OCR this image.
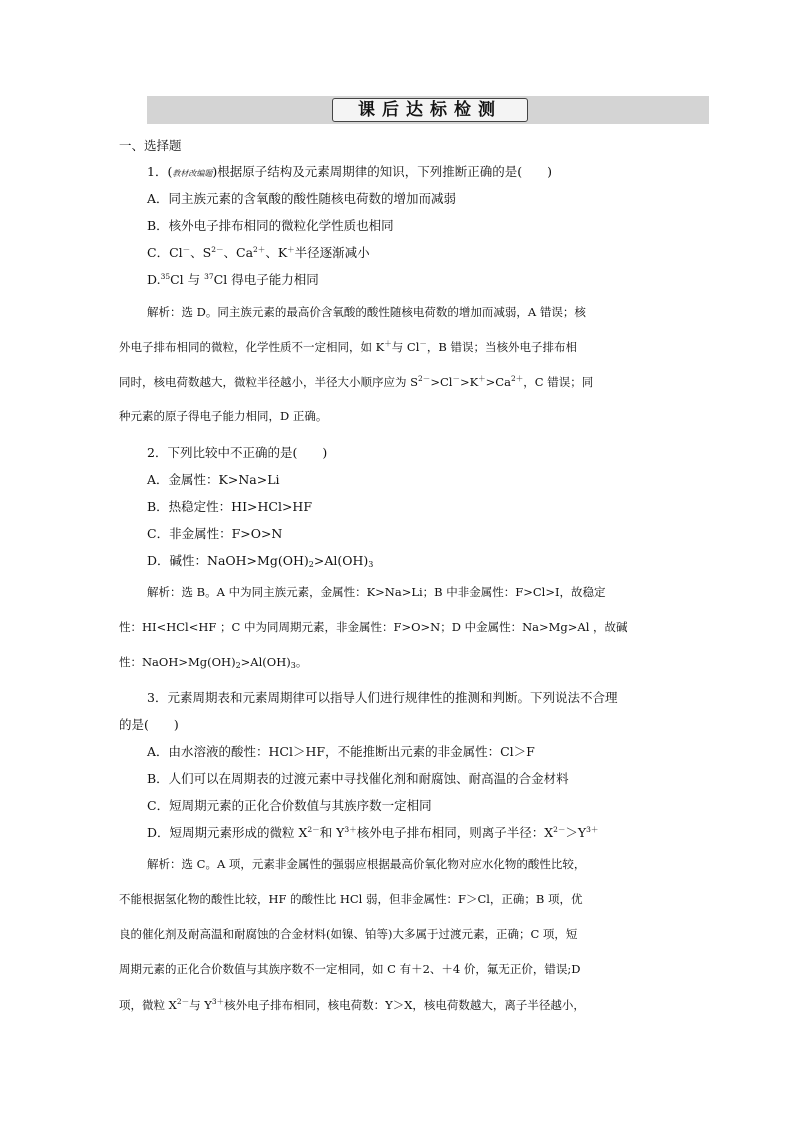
课后达标检测
一、选择题
1．(教材改编题)根据原子结构及元素周期律的知识，下列推断正确的是(　　)
A．同主族元素的含氧酸的酸性随核电荷数的增加而减弱
B．核外电子排布相同的微粒化学性质也相同
C．Cl－、$S^{2-}$、$Ca^{2+}$、K＋半径逐渐减小
D.$^{35}$Cl 与 $^{37}$Cl 得电子能力相同
解析：选 D。同主族元素的最高价含氧酸的酸性随核电荷数的增加而减弱，A 错误；核
外电子排布相同的微粒，化学性质不一定相同，如 K＋与 Cl－，B 错误；当核外电子排布相
同时，核电荷数越大，微粒半径越小，半径大小顺序应为 $S^{2-}>Cl^->K^+>Ca^{2+}$，C 错误；同
种元素的原子得电子能力相同，D 正确。
2．下列比较中不正确的是(　　)
A．金属性：K>Na>Li
B．热稳定性：HI>HCl>HF
C．非金属性：F>O>N
D．碱性：$NaOH>Mg(OH)_2>Al(OH)_3$
解析：选 B。A 中为同主族元素，金属性：K>Na>Li；B 中非金属性：F>Cl>I，故稳定
性：HI<HCl<HF ；C 中为同周期元素，非金属性：F>O>N；D 中金属性：Na>Mg>Al ，故碱
性：$NaOH>Mg(OH)_2>Al(OH)_3$。
3．元素周期表和元素周期律可以指导人们进行规律性的推测和判断。下列说法不合理
的是(　　)
A．由水溶液的酸性：HCl＞HF，不能推断出元素的非金属性：Cl＞F
B．人们可以在周期表的过渡元素中寻找催化剂和耐腐蚀、耐高温的合金材料
C．短周期元素的正化合价数值与其族序数一定相同
D．短周期元素形成的微粒 $X^{2-}$和 $Y^{3+}$核外电子排布相同，则离子半径：$X^{2-}>Y^{3+}$
解析：选 C。A 项，元素非金属性的强弱应根据最高价氧化物对应水化物的酸性比较，
不能根据氢化物的酸性比较，HF 的酸性比 HCl 弱，但非金属性：F＞Cl，正确；B 项，优
良的催化剂及耐高温和耐腐蚀的合金材料(如镍、铂等)大多属于过渡元素，正确；C 项，短
周期元素的正化合价数值与其族序数不一定相同，如 C 有＋2、＋4 价，氟无正价，错误;D
项，微粒 $X^{2-}$与 $Y^{3+}$核外电子排布相同，核电荷数：Y＞X，核电荷数越大，离子半径越小，
